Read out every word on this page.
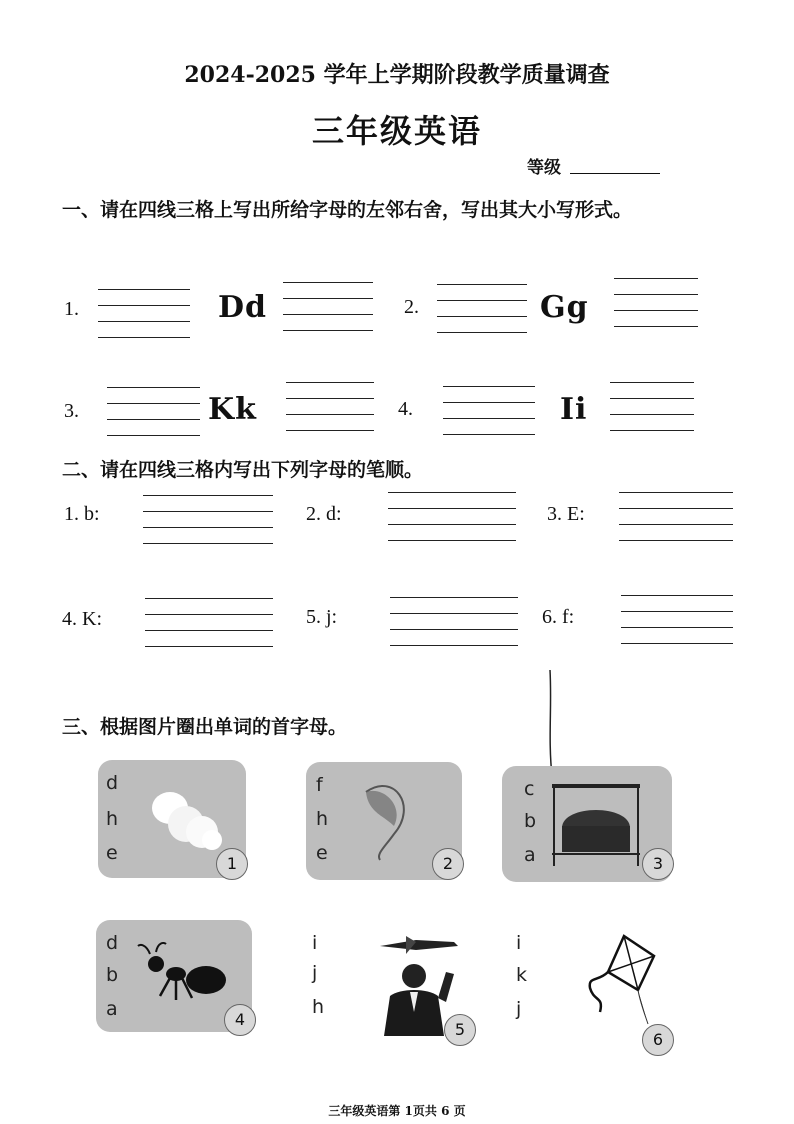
2024-2025 学年上学期阶段教学质量调查
三年级英语
等级
一、请在四线三格上写出所给字母的左邻右舍，写出其大小写形式。
1.	Dd	2.	Gg
3.	Kk	4.	Ii
二、请在四线三格内写出下列字母的笔顺。
1. b:	2. d:	3. E:
4. K:	5. j:	6. f:
三、根据图片圈出单词的首字母。
d
h
e	1
f
h
e	2
c
b
a	3
d
b
a	4
i
j
h
5
i
k
j
6
三年级英语第 1页共 6 页
